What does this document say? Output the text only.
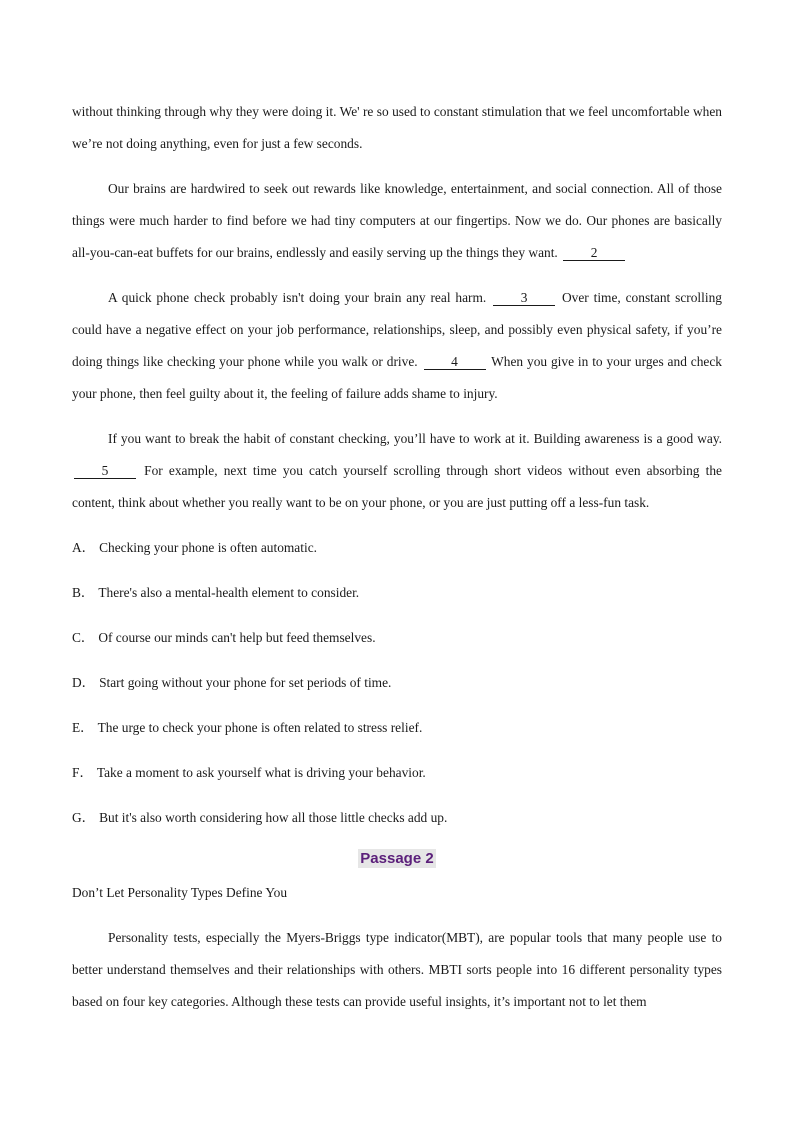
without thinking through why they were doing it. We' re so used to constant stimulation that we feel uncomfortable when we’re not doing anything, even for just a few seconds.

Our brains are hardwired to seek out rewards like knowledge, entertainment, and social connection. All of those things were much harder to find before we had tiny computers at our fingertips. Now we do. Our phones are basically all-you-can-eat buffets for our brains, endlessly and easily serving up the things they want. 2

A quick phone check probably isn't doing your brain any real harm.	3	Over time, constant scrolling could have a negative effect on your job performance, relationships, sleep, and possibly even physical safety, if you’re doing things like checking your phone while you walk or drive.	4 When you give in to your urges and check your phone, then feel guilty about it, the feeling of failure adds shame to injury.

If you want to break the habit of constant checking, you’ll have to work at it. Building awareness is a good way. 5	For example, next time you catch yourself scrolling through short videos without even absorbing the content, think about whether you really want to be on your phone, or you are just putting off a less-fun task.

A． Checking your phone is often automatic.

B． There's also a mental-health element to consider.

C． Of course our minds can't help but feed themselves.

D． Start going without your phone for set periods of time.

E． The urge to check your phone is often related to stress relief.

F． Take a moment to ask yourself what is driving your behavior.

G． But it's also worth considering how all those little checks add up.

Passage 2

Don’t Let Personality Types Define You

Personality tests, especially the Myers-Briggs type indicator(MBT), are popular tools that many people use to better understand themselves and their relationships with others. MBTI sorts people into 16 different personality types based on four key categories. Although these tests can provide useful insights, it’s important not to let them
